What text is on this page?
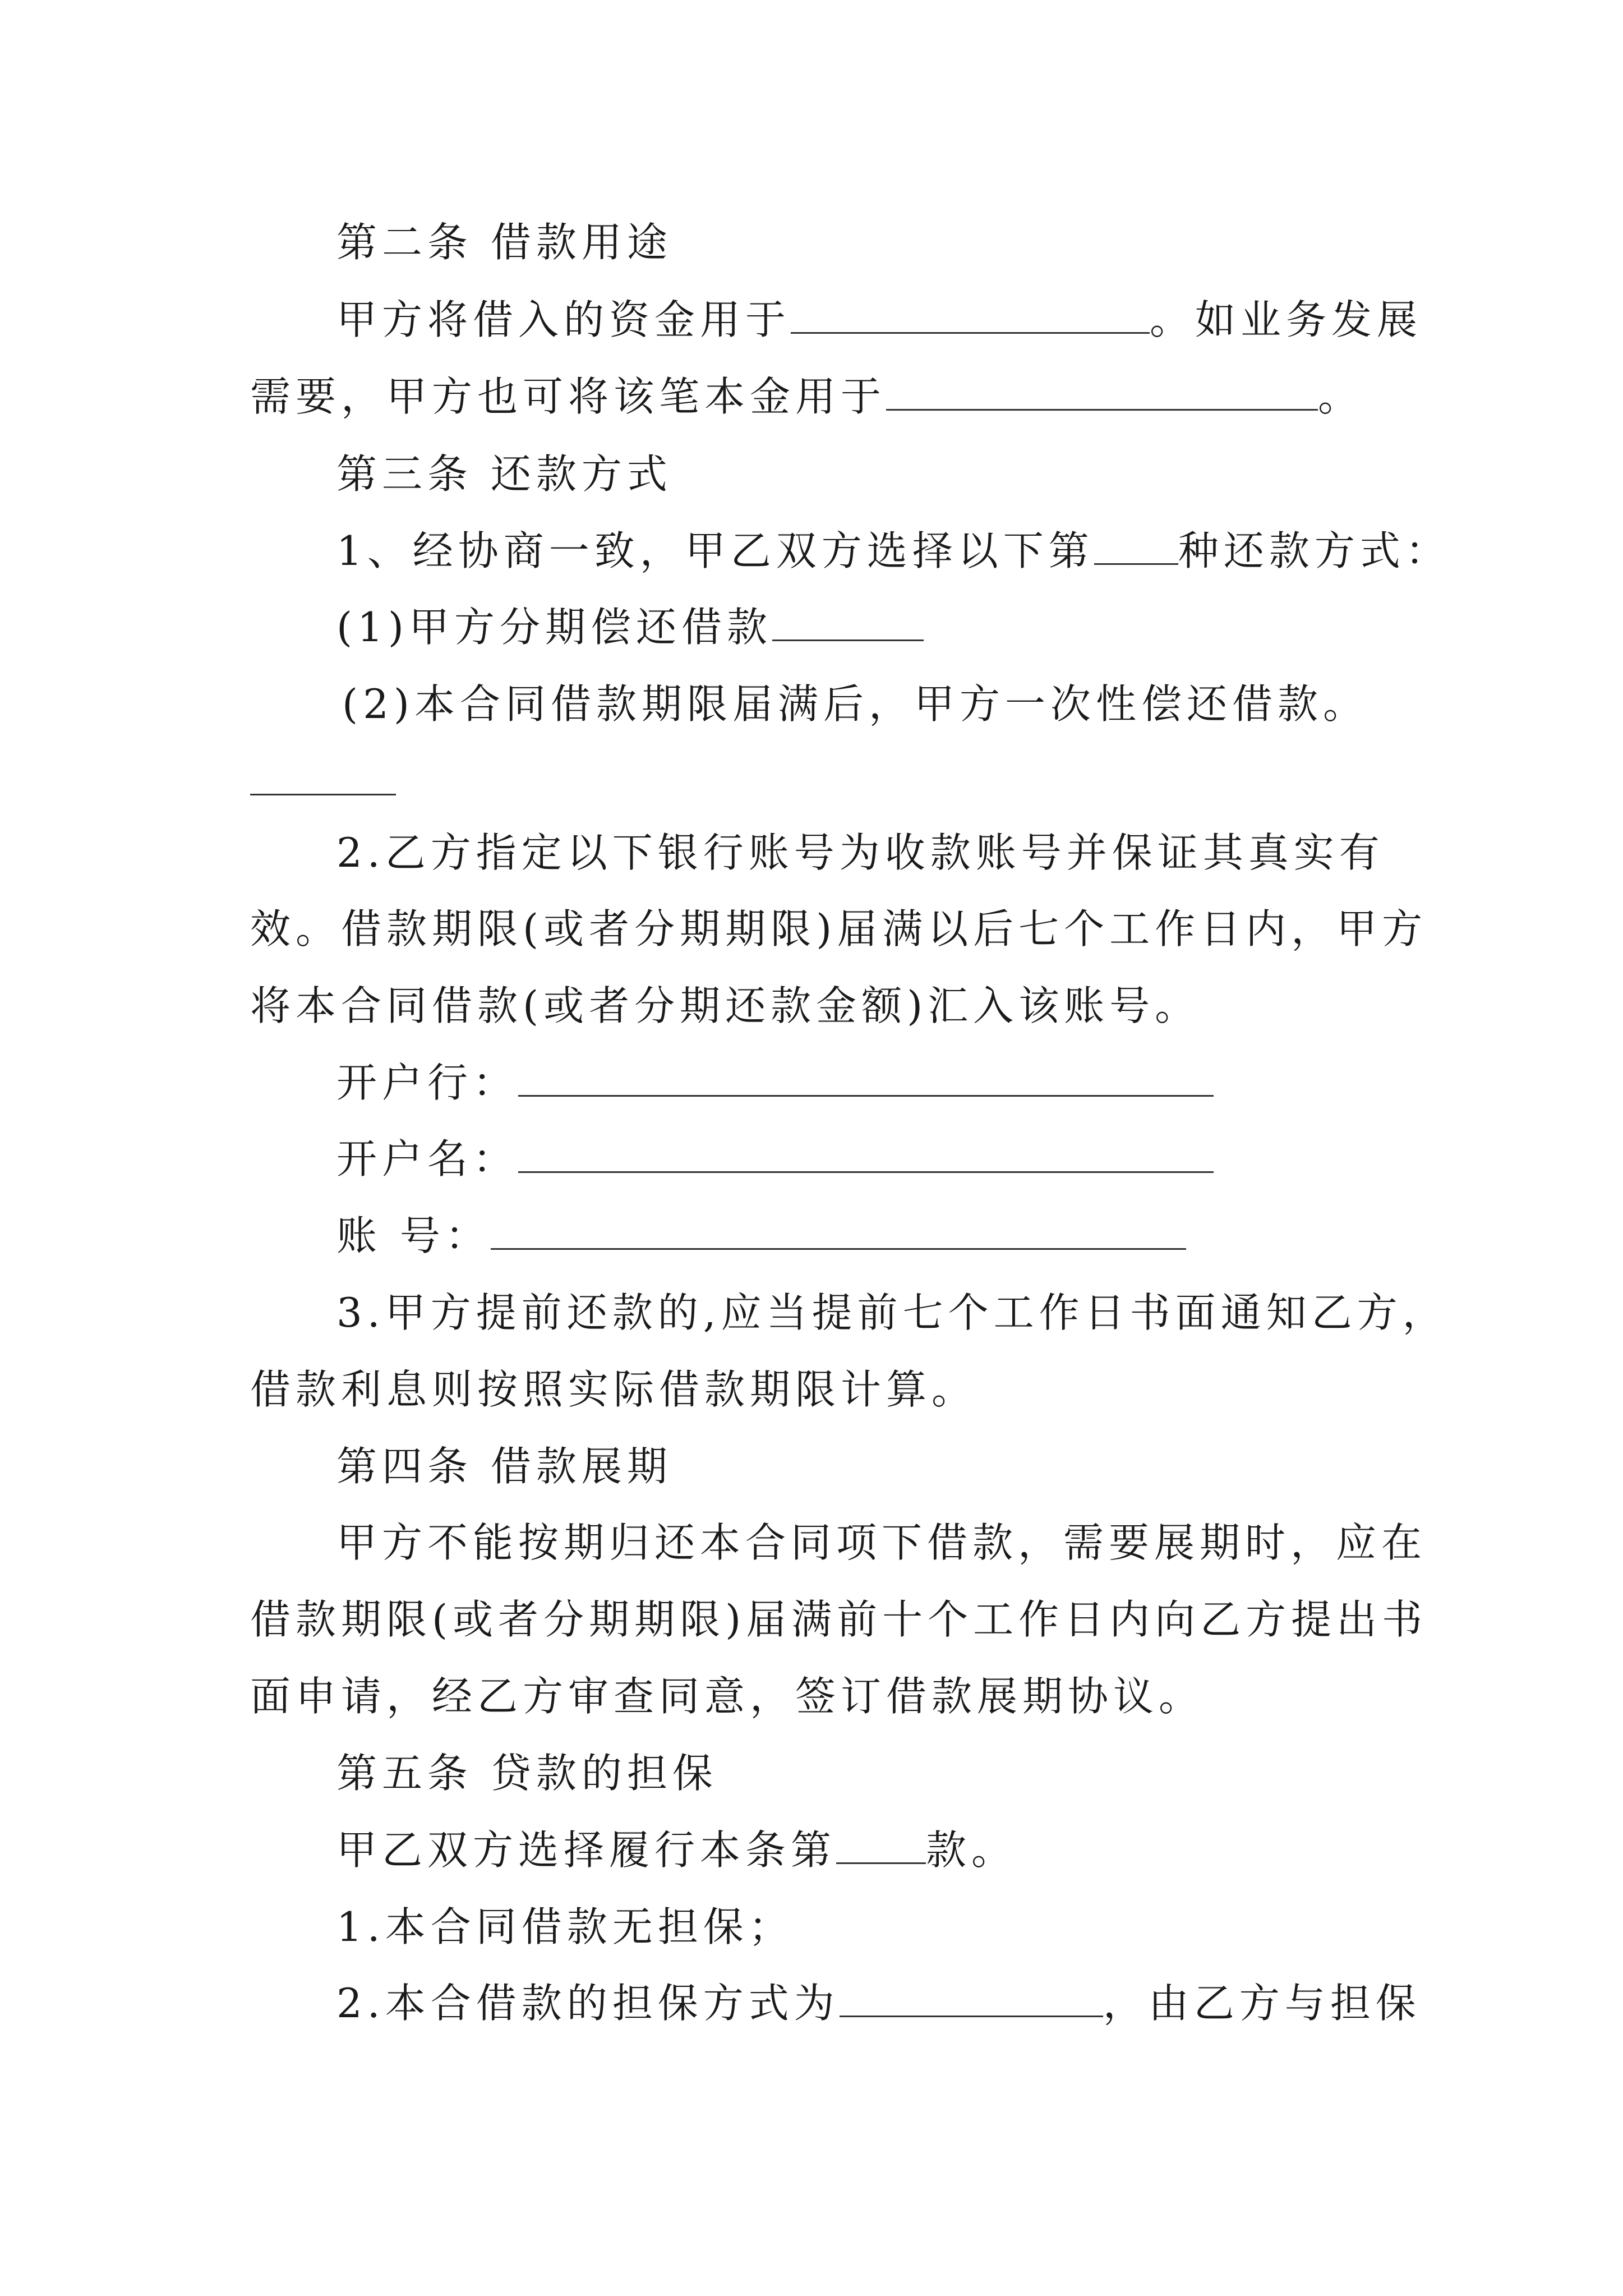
第二条 借款用途
甲方将借入的资金用于	。如业务发展
需要，甲方也可将该笔本金用于	。
第三条 还款方式
1、经协商一致，甲乙双方选择以下第 种还款方式：
(1)甲方分期偿还借款
(2)本合同借款期限届满后，甲方一次性偿还借款。
2.乙方指定以下银行账号为收款账号并保证其真实有
效。借款期限(或者分期期限)届满以后七个工作日内，甲方
将本合同借款(或者分期还款金额)汇入该账号。
开户行：
开户名：
账 号：
3.甲方提前还款的,应当提前七个工作日书面通知乙方，
借款利息则按照实际借款期限计算。
第四条 借款展期
甲方不能按期归还本合同项下借款，需要展期时，应在
借款期限(或者分期期限)届满前十个工作日内向乙方提出书
面申请，经乙方审查同意，签订借款展期协议。
第五条 贷款的担保
甲乙双方选择履行本条第 款。
1.本合同借款无担保；
2.本合借款的担保方式为	，由乙方与担保
